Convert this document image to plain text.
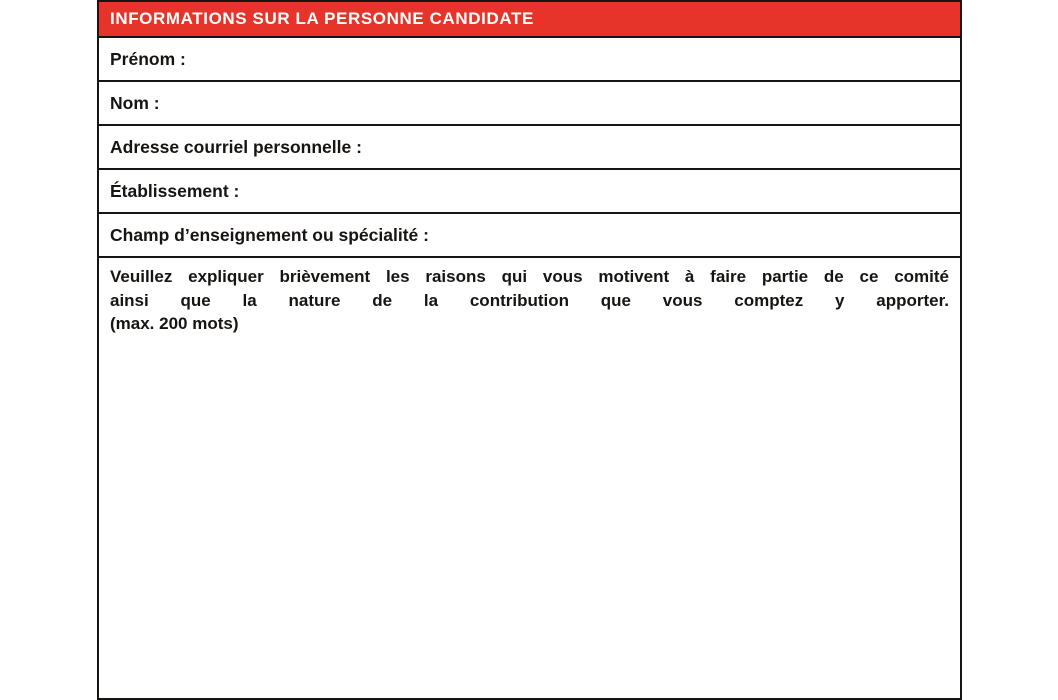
INFORMATIONS SUR LA PERSONNE CANDIDATE
Prénom :
Nom :
Adresse courriel personnelle :
Établissement :
Champ d’enseignement ou spécialité :
Veuillez expliquer brièvement les raisons qui vous motivent à faire partie de ce comité
ainsi que la nature de la contribution que vous comptez y apporter.
(max. 200 mots)
